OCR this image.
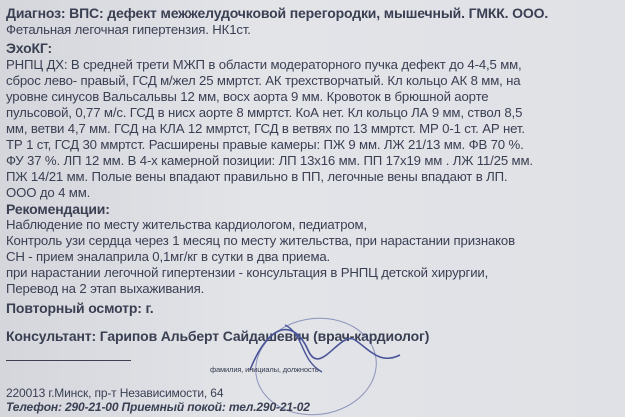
Диагноз: ВПС: дефект межжелудочковой перегородки, мышечный. ГМКК. ООО.
Фетальная легочная гипертензия. НК1ст.
ЭхоКГ:
РНПЦ ДХ: В средней трети МЖП в области модераторного пучка дефект до 4-4,5 мм,
сброс лево- правый, ГСД м/жел 25 ммртст. АК трехстворчатый. Кл кольцо АК 8 мм, на
уровне синусов Вальсальвы 12 мм, восх аорта 9 мм. Кровоток в брюшной аорте
пульсовой, 0,77 м/с. ГСД в нисх аорте 8 ммртст. КоА нет. Кл кольцо ЛА 9 мм, ствол 8,5
мм, ветви 4,7 мм. ГСД на КЛА 12 ммртст, ГСД в ветвях по 13 ммртст. МР 0-1 ст. АР нет.
ТР 1 ст, ГСД 30 ммртст. Расширены правые камеры: ПЖ 9 мм. ЛЖ 21/13 мм. ФВ 70 %.
ФУ 37 %. ЛП 12 мм. В 4-х камерной позиции: ЛП 13х16 мм. ПП 17х19 мм . ЛЖ 11/25 мм.
ПЖ 14/21 мм. Полые вены впадают правильно в ПП, легочные вены впадают в ЛП.
ООО до 4 мм.
Рекомендации:
Наблюдение по месту жительства кардиологом, педиатром,
Контроль узи сердца через 1 месяц по месту жительства, при нарастании признаков
СН - прием эналаприла 0,1мг/кг в сутки в два приема.
при нарастании легочной гипертензии - консультация в РНПЦ детской хирургии,
Перевод на 2 этап выхаживания.
Повторный осмотр: г.
Консультант: Гарипов Альберт Сайдашевич (врач-кардиолог)
фамилия, инициалы, должность
220013 г.Минск, пр-т Независимости, 64
Телефон: 290-21-00 Приемный покой: тел.290-21-02
